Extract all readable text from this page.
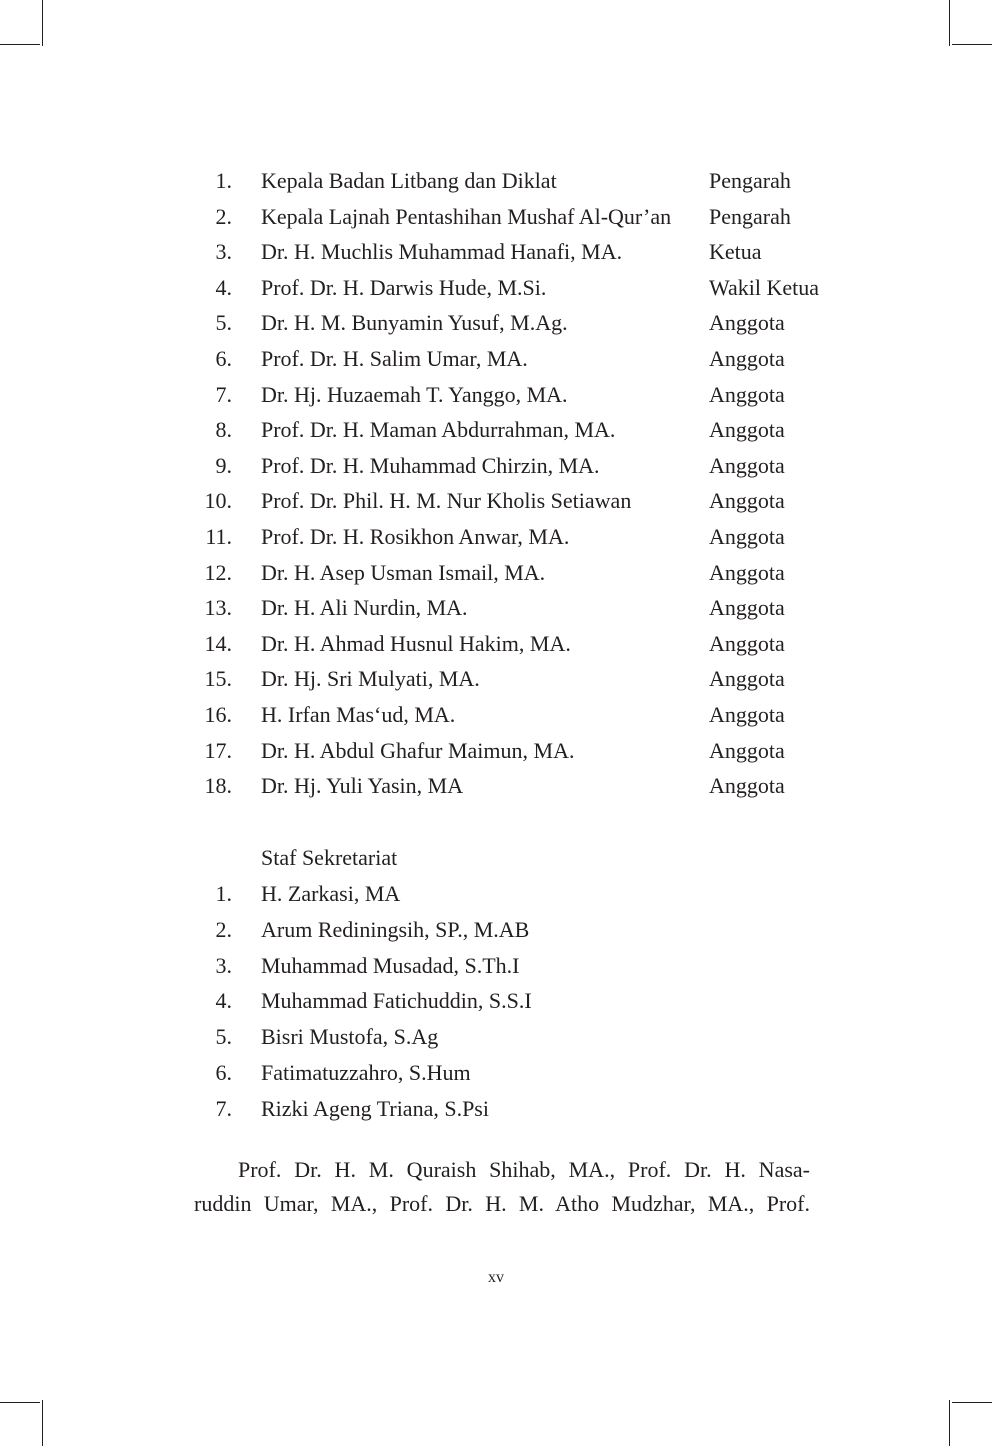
1. Kepala Badan Litbang dan Diklat	Pengarah
2. Kepala Lajnah Pentashihan Mushaf Al-Qur’an Pengarah
3. Dr. H. Muchlis Muhammad Hanafi, MA.	Ketua
4. Prof. Dr. H. Darwis Hude, M.Si.	Wakil Ketua
5. Dr. H. M. Bunyamin Yusuf, M.Ag.	Anggota
6. Prof. Dr. H. Salim Umar, MA.	Anggota
7. Dr. Hj. Huzaemah T. Yanggo, MA.	Anggota
8. Prof. Dr. H. Maman Abdurrahman, MA.	Anggota
9. Prof. Dr. H. Muhammad Chirzin, MA.	Anggota
10. Prof. Dr. Phil. H. M. Nur Kholis Setiawan	Anggota
11. Prof. Dr. H. Rosikhon Anwar, MA.	Anggota
12. Dr. H. Asep Usman Ismail, MA.	Anggota
13. Dr. H. Ali Nurdin, MA.	Anggota
14. Dr. H. Ahmad Husnul Hakim, MA.	Anggota
15. Dr. Hj. Sri Mulyati, MA.	Anggota
16. H. Irfan Mas‘ud, MA.	Anggota
17. Dr. H. Abdul Ghafur Maimun, MA.	Anggota
18. Dr. Hj. Yuli Yasin, MA	Anggota
Staf Sekretariat
1. H. Zarkasi, MA
2. Arum Rediningsih, SP., M.AB
3. Muhammad Musadad, S.Th.I
4. Muhammad Fatichuddin, S.S.I
5. Bisri Mustofa, S.Ag
6. Fatimatuzzahro, S.Hum
7. Rizki Ageng Triana, S.Psi
Prof. Dr. H. M. Quraish Shihab, MA., Prof. Dr. H. Nasa-
ruddin Umar, MA., Prof. Dr. H. M. Atho Mudzhar, MA., Prof.
xv
